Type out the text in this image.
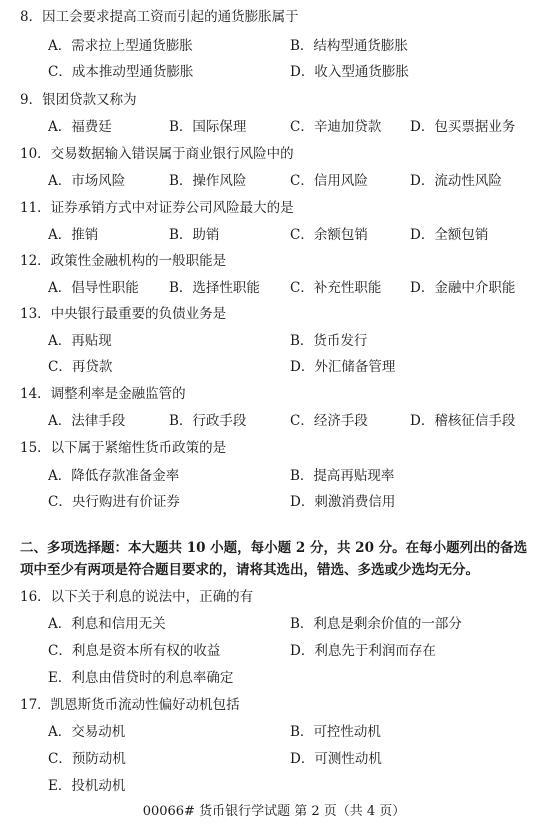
8．因工会要求提高工资而引起的通货膨胀属于
A．需求拉上型通货膨胀	B．结构型通货膨胀
C．成本推动型通货膨胀	D．收入型通货膨胀
9．银团贷款又称为
A．福费廷	B．国际保理	C．辛迪加贷款 D．包买票据业务
10．交易数据输入错误属于商业银行风险中的
A．市场风险	B．操作风险	C．信用风险	D．流动性风险
11．证券承销方式中对证券公司风险最大的是
A．推销	B．助销	C．余额包销	D．全额包销
12．政策性金融机构的一般职能是
A．倡导性职能 B．选择性职能 C．补充性职能 D．金融中介职能
13．中央银行最重要的负债业务是
A．再贴现	B．货币发行
C．再贷款	D．外汇储备管理
14．调整利率是金融监管的
A．法律手段	B．行政手段	C．经济手段	D．稽核征信手段
15．以下属于紧缩性货币政策的是
A．降低存款准备金率	B．提高再贴现率
C．央行购进有价证券	D．刺激消费信用
二、多项选择题：本大题共 10 小题，每小题 2 分，共 20 分。在每小题列出的备选项中至少有两项是符合题目要求的，请将其选出，错选、多选或少选均无分。
16．以下关于利息的说法中，正确的有
A．利息和信用无关	B．利息是剩余价值的一部分
C．利息是资本所有权的收益	D．利息先于利润而存在
E．利息由借贷时的利息率确定
17．凯恩斯货币流动性偏好动机包括
A．交易动机	B．可控性动机
C．预防动机	D．可测性动机
E．投机动机
00066# 货币银行学试题 第 2 页（共 4 页）
